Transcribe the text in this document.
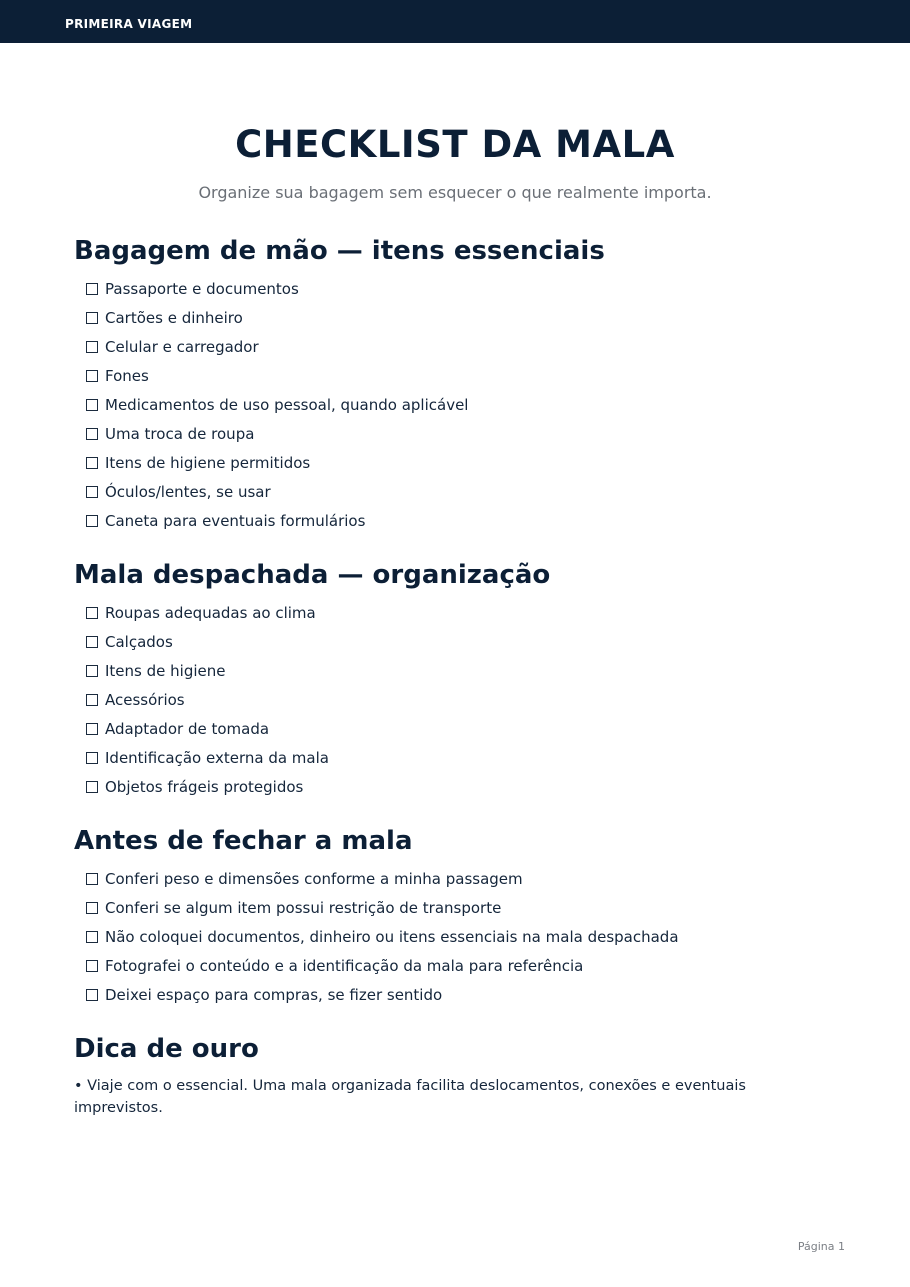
PRIMEIRA VIAGEM
CHECKLIST DA MALA

Organize sua bagagem sem esquecer o que realmente importa.

Bagagem de mão — itens essenciais
Passaporte e documentos
Cartões e dinheiro
Celular e carregador
Fones
Medicamentos de uso pessoal, quando aplicável
Uma troca de roupa
Itens de higiene permitidos
Óculos/lentes, se usar
Caneta para eventuais formulários
Mala despachada — organização
Roupas adequadas ao clima
Calçados
Itens de higiene
Acessórios
Adaptador de tomada
Identificação externa da mala
Objetos frágeis protegidos
Antes de fechar a mala
Conferi peso e dimensões conforme a minha passagem
Conferi se algum item possui restrição de transporte
Não coloquei documentos, dinheiro ou itens essenciais na mala despachada
Fotografei o conteúdo e a identificação da mala para referência
Deixei espaço para compras, se fizer sentido
Dica de ouro

• Viaje com o essencial. Uma mala organizada facilita deslocamentos, conexões e eventuais imprevistos.

Página 1
